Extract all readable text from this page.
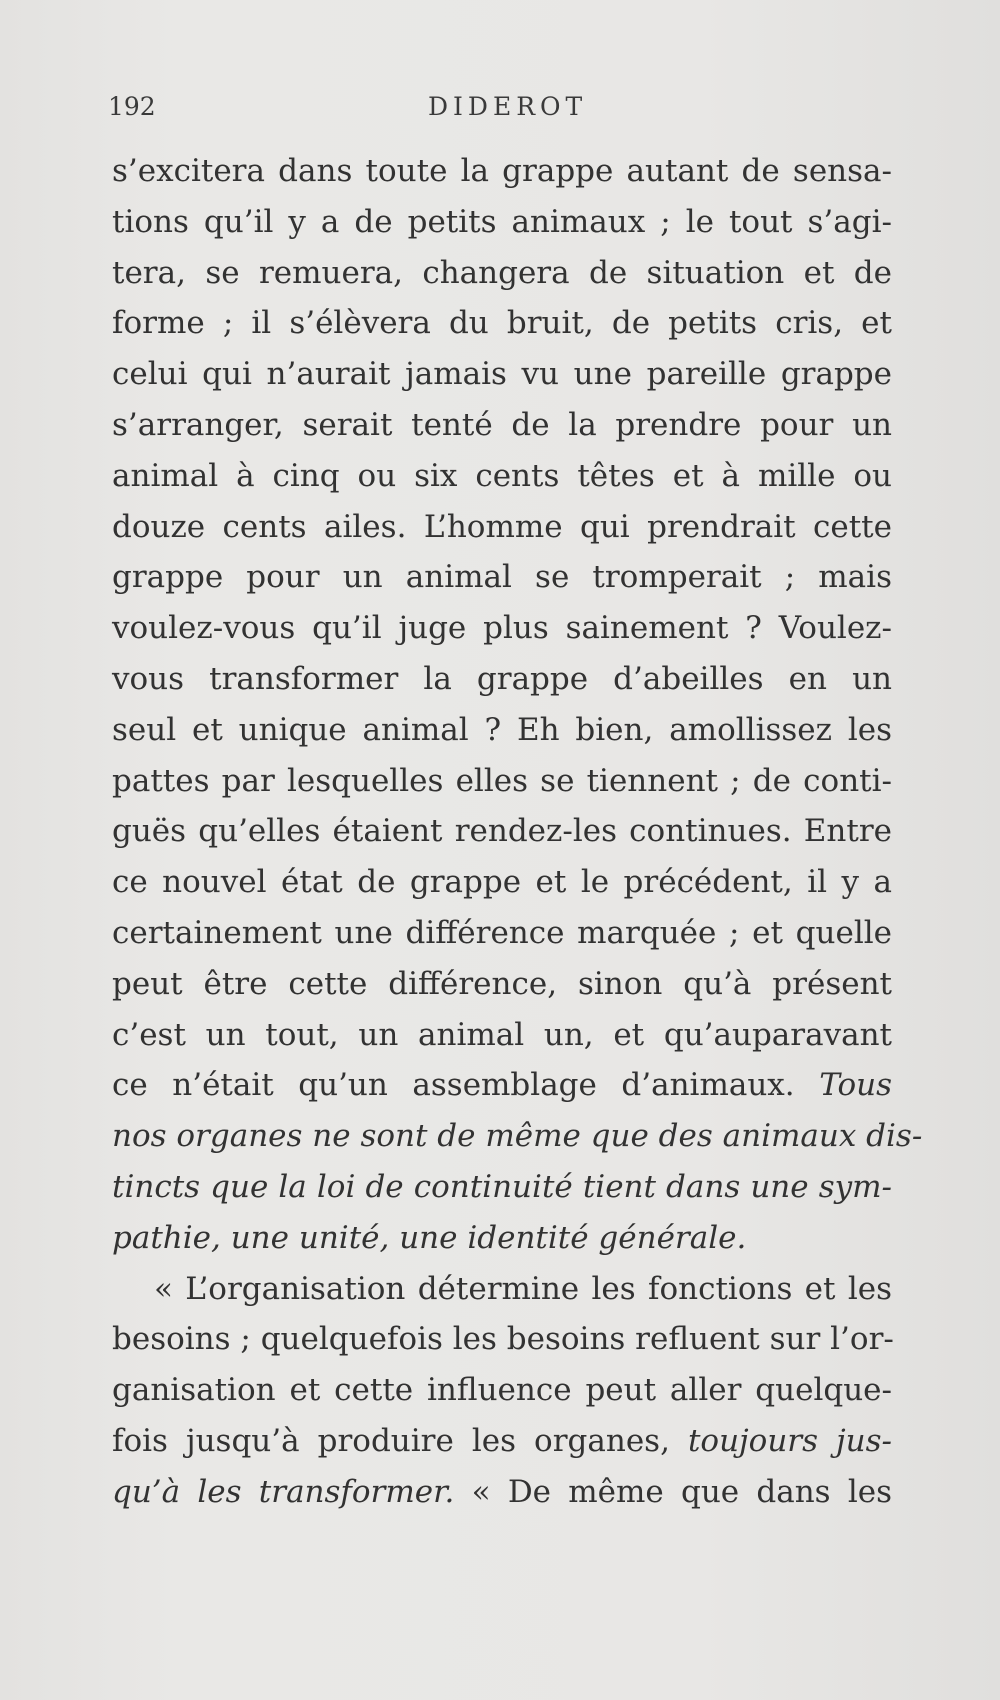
192	DIDEROT
s’excitera dans toute la grappe autant de sensa-
tions qu’il y a de petits animaux ; le tout s’agi-
tera, se remuera, changera de situation et de
forme ; il s’élèvera du bruit, de petits cris, et
celui qui n’aurait jamais vu une pareille grappe
s’arranger, serait tenté de la prendre pour un
animal à cinq ou six cents têtes et à mille ou
douze cents ailes. L’homme qui prendrait cette
grappe pour un animal se tromperait ; mais
voulez-vous qu’il juge plus sainement ? Voulez-
vous transformer la grappe d’abeilles en un
seul et unique animal ? Eh bien, amollissez les
pattes par lesquelles elles se tiennent ; de conti-
guës qu’elles étaient rendez-les continues. Entre
ce nouvel état de grappe et le précédent, il y a
certainement une différence marquée ; et quelle
peut être cette différence, sinon qu’à présent
c’est un tout, un animal un, et qu’auparavant
ce n’était qu’un assemblage d’animaux. Tous
nos organes ne sont de même que des animaux dis-
tincts que la loi de continuité tient dans une sym-
pathie, une unité, une identité générale.
« L’organisation détermine les fonctions et les
besoins ; quelquefois les besoins refluent sur l’or-
ganisation et cette influence peut aller quelque-
fois jusqu’à produire les organes, toujours jus-
qu’à les transformer. « De même que dans les
